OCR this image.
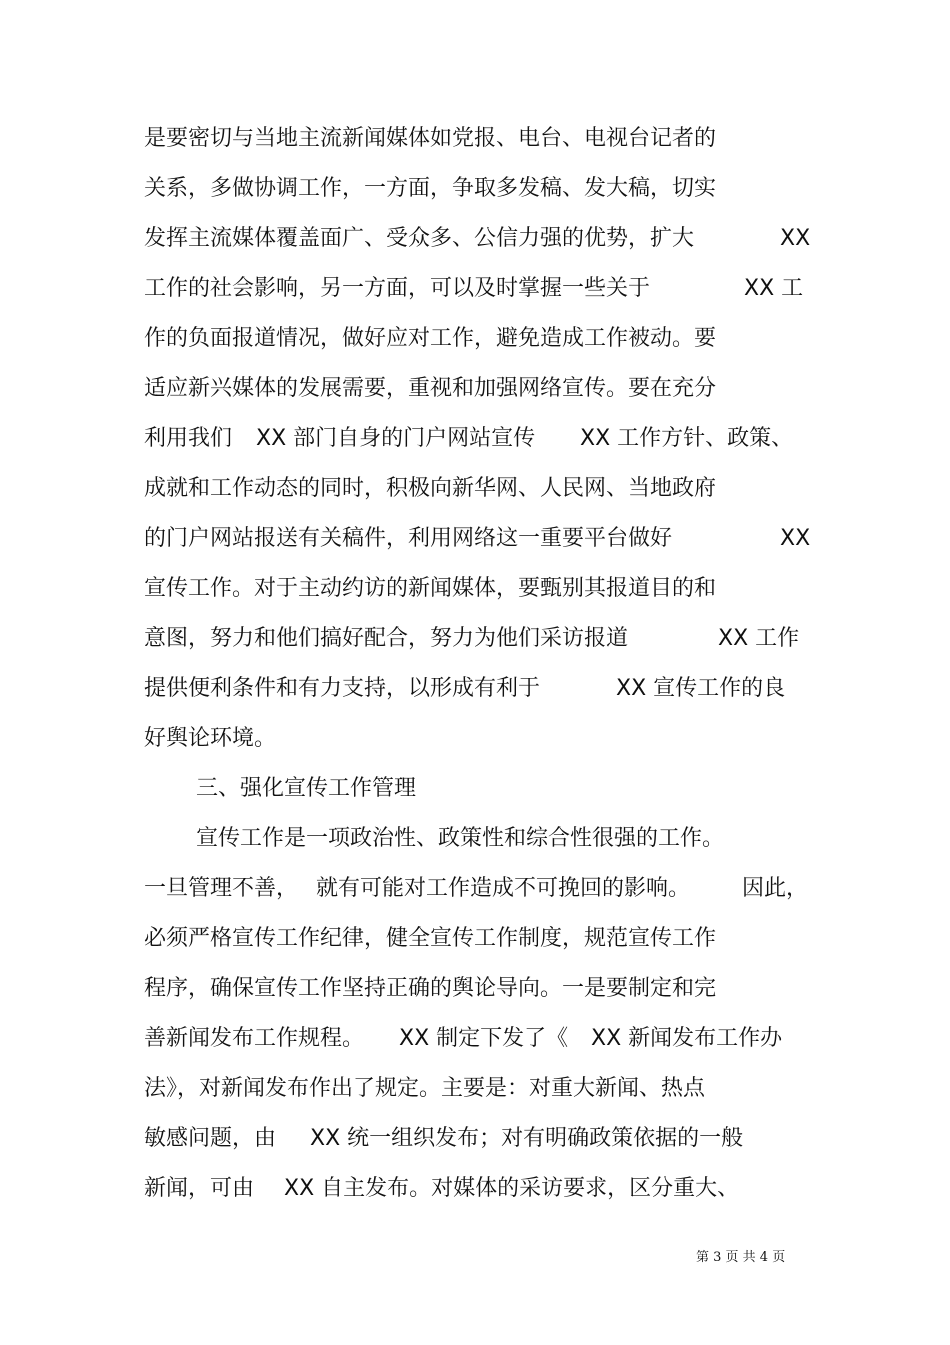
是要密切与当地主流新闻媒体如党报、电台、电视台记者的
关系，多做协调工作，一方面，争取多发稿、发大稿，切实
发挥主流媒体覆盖面广、受众多、公信力强的优势，扩大	XX
工作的社会影响，另一方面，可以及时掌握一些关于	XX 工
作的负面报道情况，做好应对工作，避免造成工作被动。要
适应新兴媒体的发展需要，重视和加强网络宣传。要在充分
利用我们 XX 部门自身的门户网站宣传 XX 工作方针、政策、
成就和工作动态的同时，积极向新华网、人民网、当地政府
的门户网站报送有关稿件，利用网络这一重要平台做好	XX
宣传工作。对于主动约访的新闻媒体，要甄别其报道目的和
意图，努力和他们搞好配合，努力为他们采访报道	XX 工作
提供便利条件和有力支持，以形成有利于	XX 宣传工作的良
好舆论环境。
三、强化宣传工作管理
宣传工作是一项政治性、政策性和综合性很强的工作。
一旦管理不善， 就有可能对工作造成不可挽回的影响。 因此，
必须严格宣传工作纪律，健全宣传工作制度，规范宣传工作
程序，确保宣传工作坚持正确的舆论导向。一是要制定和完
善新闻发布工作规程。 XX 制定下发了《 XX 新闻发布工作办
法》，对新闻发布作出了规定。主要是：对重大新闻、热点
敏感问题，由 XX 统一组织发布；对有明确政策依据的一般
新闻，可由 XX 自主发布。对媒体的采访要求，区分重大、
第 3 页 共 4 页
